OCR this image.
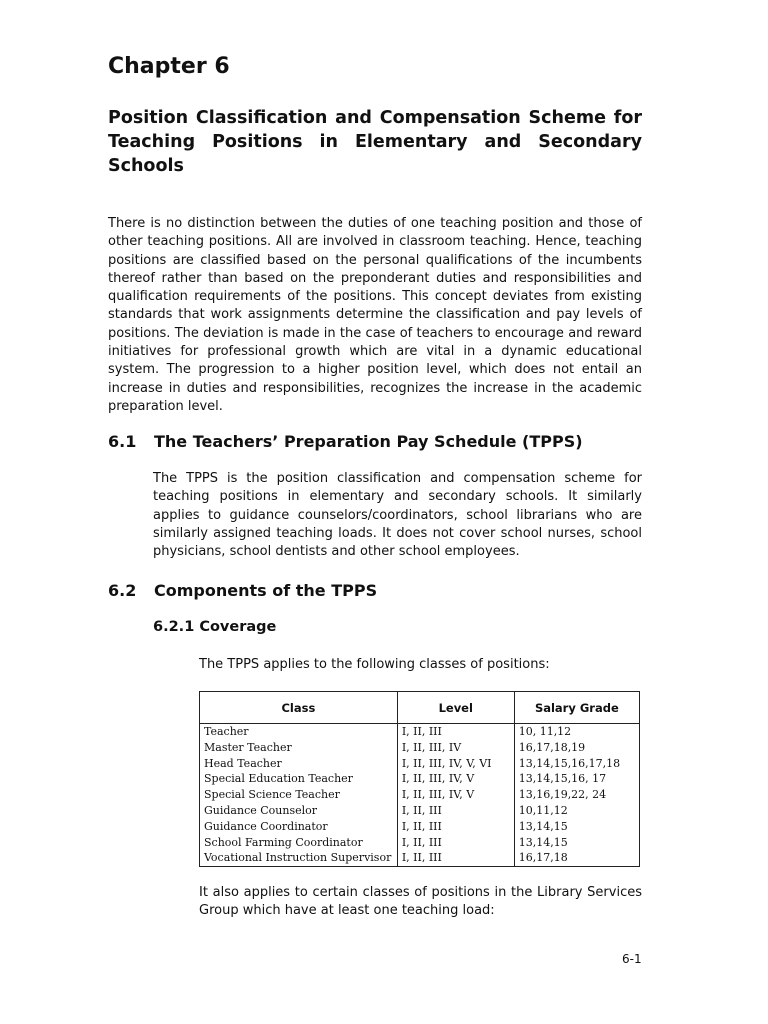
Chapter 6
Position Classification and Compensation Scheme for Teaching Positions in Elementary and Secondary Schools

There is no distinction between the duties of one teaching position and those of other teaching positions. All are involved in classroom teaching. Hence, teaching positions are classified based on the personal qualifications of the incumbents thereof rather than based on the preponderant duties and responsibilities and qualification requirements of the positions. This concept deviates from existing standards that work assignments determine the classification and pay levels of positions. The deviation is made in the case of teachers to encourage and reward initiatives for professional growth which are vital in a dynamic educational system. The progression to a higher position level, which does not entail an increase in duties and responsibilities, recognizes the increase in the academic preparation level.

6.1 The Teachers’ Preparation Pay Schedule (TPPS)

The TPPS is the position classification and compensation scheme for teaching positions in elementary and secondary schools. It similarly applies to guidance counselors/coordinators, school librarians who are similarly assigned teaching loads. It does not cover school nurses, school physicians, school dentists and other school employees.

6.2 Components of the TPPS
6.2.1 Coverage

The TPPS applies to the following classes of positions:

Class	Level	Salary Grade
Teacher	I, II, III	10, 11,12
Master Teacher	I, II, III, IV	16,17,18,19
Head Teacher	I, II, III, IV, V, VI	13,14,15,16,17,18
Special Education Teacher	I, II, III, IV, V	13,14,15,16, 17
Special Science Teacher	I, II, III, IV, V	13,16,19,22, 24
Guidance Counselor	I, II, III	10,11,12
Guidance Coordinator	I, II, III	13,14,15
School Farming Coordinator	I, II, III	13,14,15
Vocational Instruction Supervisor	I, II, III	16,17,18

It also applies to certain classes of positions in the Library Services Group which have at least one teaching load:

6-1
